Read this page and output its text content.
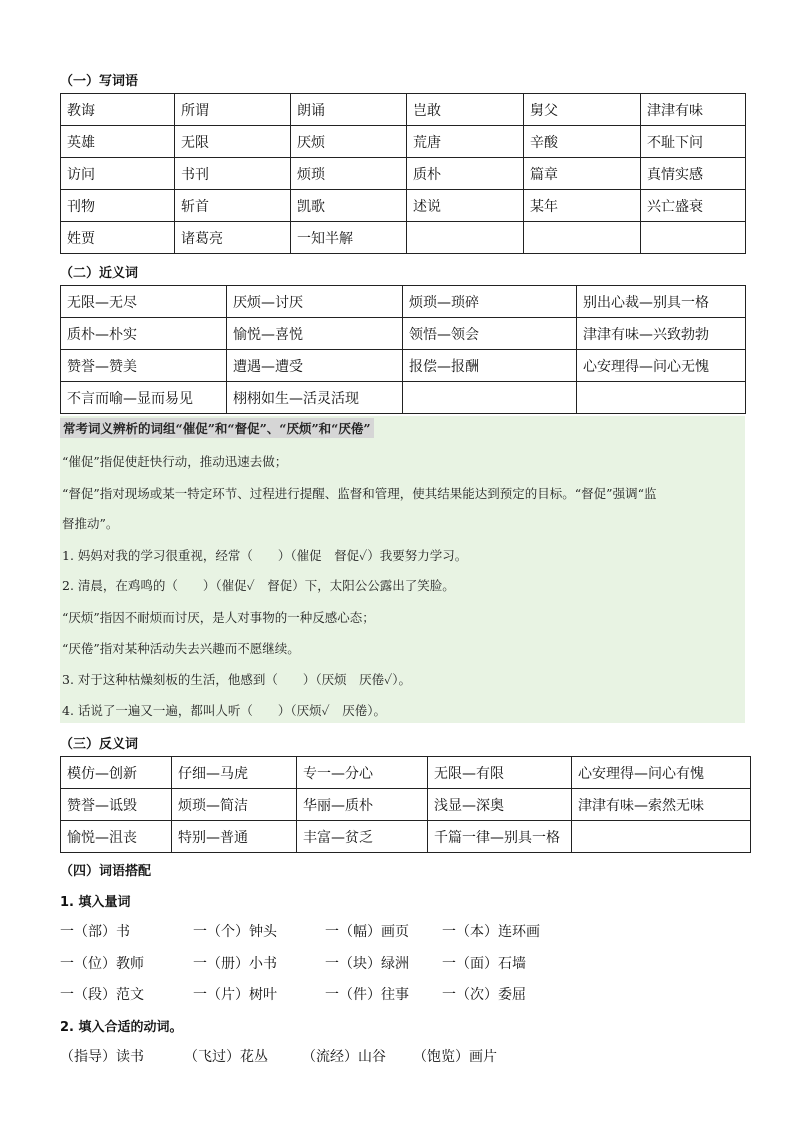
（一）写词语
教诲	所谓	朗诵	岂敢	舅父	津津有味
英雄	无限	厌烦	荒唐	辛酸	不耻下问
访问	书刊	烦琐	质朴	篇章	真情实感
刊物	斩首	凯歌	述说	某年	兴亡盛衰
姓贾	诸葛亮	一知半解			
（二）近义词
无限—无尽	厌烦—讨厌	烦琐—琐碎	别出心裁—别具一格
质朴—朴实	愉悦—喜悦	领悟—领会	津津有味—兴致勃勃
赞誉—赞美	遭遇—遭受	报偿—报酬	心安理得—问心无愧
不言而喻—显而易见	栩栩如生—活灵活现		
常考词义辨析的词组“催促”和“督促”、“厌烦”和“厌倦”
“催促”指促使赶快行动，推动迅速去做；
“督促”指对现场或某一特定环节、过程进行提醒、监督和管理，使其结果能达到预定的目标。“督促”强调“监
督推动”。
1. 妈妈对我的学习很重视，经常（　　）（催促　督促✓）我要努力学习。
2. 清晨，在鸡鸣的（　　）（催促✓　督促）下，太阳公公露出了笑脸。
“厌烦”指因不耐烦而讨厌，是人对事物的一种反感心态；
“厌倦”指对某种活动失去兴趣而不愿继续。
3. 对于这种枯燥刻板的生活，他感到（　　）（厌烦　厌倦✓）。
4. 话说了一遍又一遍，都叫人听（　　）（厌烦✓　厌倦）。
（三）反义词
模仿—创新	仔细—马虎	专一—分心	无限—有限	心安理得—问心有愧
赞誉—诋毁	烦琐—简洁	华丽—质朴	浅显—深奥	津津有味—索然无味
愉悦—沮丧	特别—普通	丰富—贫乏	千篇一律—别具一格	
（四）词语搭配
1. 填入量词
一（部）书	一（个）钟头	一（幅）画页 一（本）连环画
一（位）教师	一（册）小书	一（块）绿洲 一（面）石墙
一（段）范文	一（片）树叶	一（件）往事 一（次）委屈
2. 填入合适的动词。
（指导）读书	（飞过）花丛 （流经）山谷 （饱览）画片
